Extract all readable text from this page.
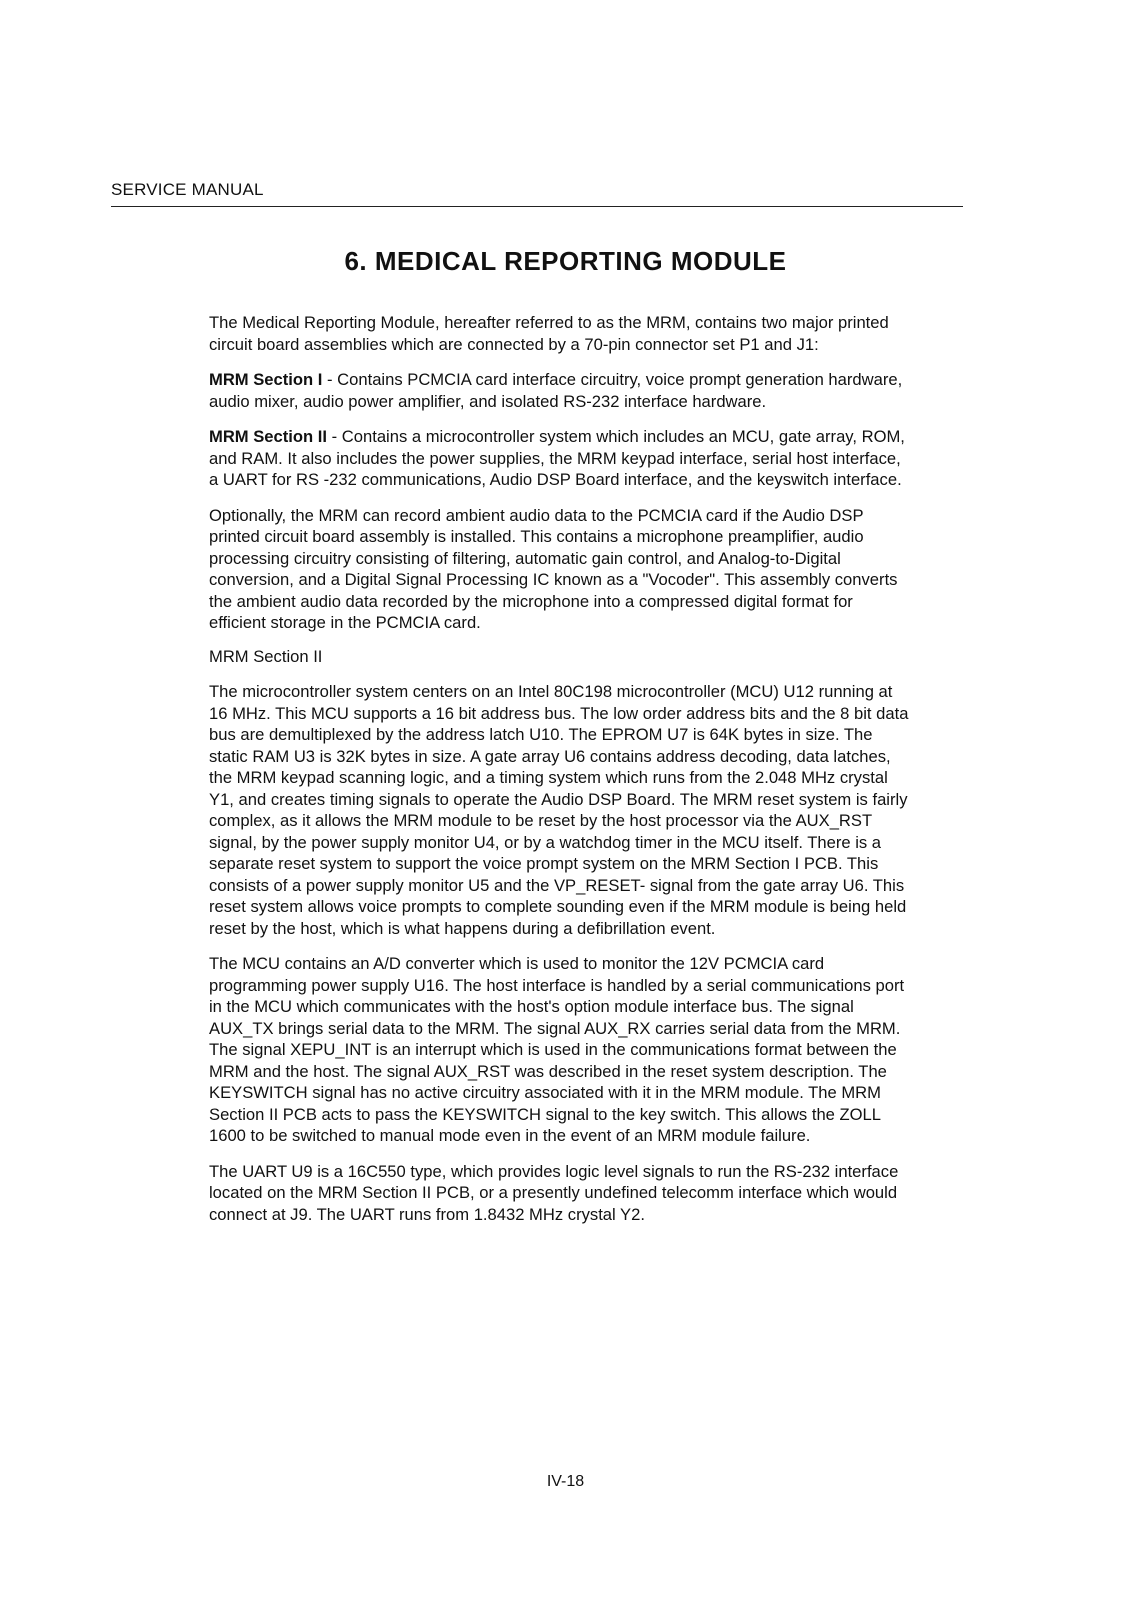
SERVICE MANUAL
6. MEDICAL REPORTING MODULE

The Medical Reporting Module, hereafter referred to as the MRM, contains two major printed circuit board assemblies which are connected by a 70-pin connector set P1 and J1:

MRM Section I - Contains PCMCIA card interface circuitry, voice prompt generation hardware, audio mixer, audio power amplifier, and isolated RS-232 interface hardware.

MRM Section II - Contains a microcontroller system which includes an MCU, gate array, ROM, and RAM. It also includes the power supplies, the MRM keypad interface, serial host interface, a UART for RS -232 communications, Audio DSP Board interface, and the keyswitch interface.

Optionally, the MRM can record ambient audio data to the PCMCIA card if the Audio DSP printed circuit board assembly is installed. This contains a microphone preamplifier, audio processing circuitry consisting of filtering, automatic gain control, and Analog-to-Digital conversion, and a Digital Signal Processing IC known as a "Vocoder". This assembly converts the ambient audio data recorded by the microphone into a compressed digital format for efficient storage in the PCMCIA card.

MRM Section II

The microcontroller system centers on an Intel 80C198 microcontroller (MCU) U12 running at 16 MHz. This MCU supports a 16 bit address bus. The low order address bits and the 8 bit data bus are demultiplexed by the address latch U10. The EPROM U7 is 64K bytes in size. The static RAM U3 is 32K bytes in size. A gate array U6 contains address decoding, data latches, the MRM keypad scanning logic, and a timing system which runs from the 2.048 MHz crystal Y1, and creates timing signals to operate the Audio DSP Board. The MRM reset system is fairly complex, as it allows the MRM module to be reset by the host processor via the AUX_RST signal, by the power supply monitor U4, or by a watchdog timer in the MCU itself. There is a separate reset system to support the voice prompt system on the MRM Section I PCB. This consists of a power supply monitor U5 and the VP_RESET- signal from the gate array U6. This reset system allows voice prompts to complete sounding even if the MRM module is being held reset by the host, which is what happens during a defibrillation event.

The MCU contains an A/D converter which is used to monitor the 12V PCMCIA card programming power supply U16. The host interface is handled by a serial communications port in the MCU which communicates with the host's option module interface bus. The signal AUX_TX brings serial data to the MRM. The signal AUX_RX carries serial data from the MRM. The signal XEPU_INT is an interrupt which is used in the communications format between the MRM and the host. The signal AUX_RST was described in the reset system description. The KEYSWITCH signal has no active circuitry associated with it in the MRM module. The MRM Section II PCB acts to pass the KEYSWITCH signal to the key switch. This allows the ZOLL 1600 to be switched to manual mode even in the event of an MRM module failure.

The UART U9 is a 16C550 type, which provides logic level signals to run the RS-232 interface located on the MRM Section II PCB, or a presently undefined telecomm interface which would connect at J9. The UART runs from 1.8432 MHz crystal Y2.

IV-18
